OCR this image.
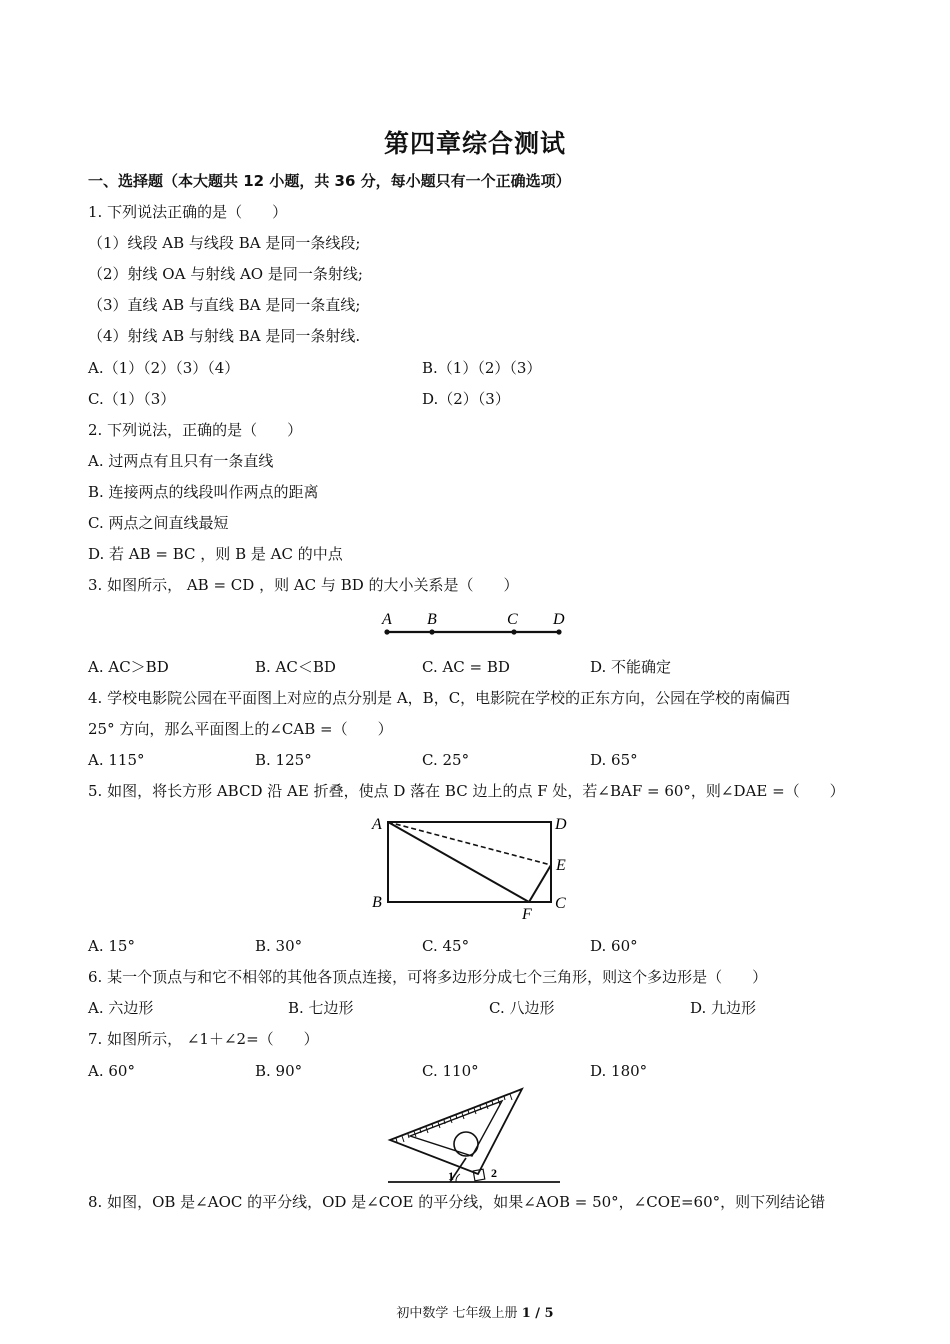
第四章综合测试
一、选择题（本大题共 12 小题，共 36 分，每小题只有一个正确选项）
1. 下列说法正确的是（　　）
（1）线段 AB 与线段 BA 是同一条线段;
（2）射线 OA 与射线 AO 是同一条射线;
（3）直线 AB 与直线 BA 是同一条直线;
（4）射线 AB 与射线 BA 是同一条射线.
A.（1）（2）（3）（4）	B.（1）（2）（3）
C.（1）（3）	D.（2）（3）
2. 下列说法，正确的是（　　）
A. 过两点有且只有一条直线
B. 连接两点的线段叫作两点的距离
C. 两点之间直线最短
D. 若 AB = BC ，则 B 是 AC 的中点
3. 如图所示， AB = CD ，则 AC 与 BD 的大小关系是（　　）
A B	C D
A. AC＞BD	B. AC＜BD	C. AC = BD	D. 不能确定
4. 学校电影院公园在平面图上对应的点分别是 A，B，C，电影院在学校的正东方向，公园在学校的南偏西
25° 方向，那么平面图上的∠CAB =（　　）
A. 115°	B. 125°	C. 25°	D. 65°
5. 如图，将长方形 ABCD 沿 AE 折叠，使点 D 落在 BC 边上的点 F 处，若∠BAF = 60°，则∠DAE =（　　）
A	D
E
B
F
C
A. 15°	B. 30°	C. 45°	D. 60°
6. 某一个顶点与和它不相邻的其他各顶点连接，可将多边形分成七个三角形，则这个多边形是（　　）
A. 六边形	B. 七边形	C. 八边形	D. 九边形
7. 如图所示， ∠1＋∠2=（　　）
A. 60°	B. 90°	C. 110°	D. 180°
1	2
8. 如图，OB 是∠AOC 的平分线，OD 是∠COE 的平分线，如果∠AOB = 50°，∠COE=60°，则下列结论错
初中数学 七年级上册 1 / 5
